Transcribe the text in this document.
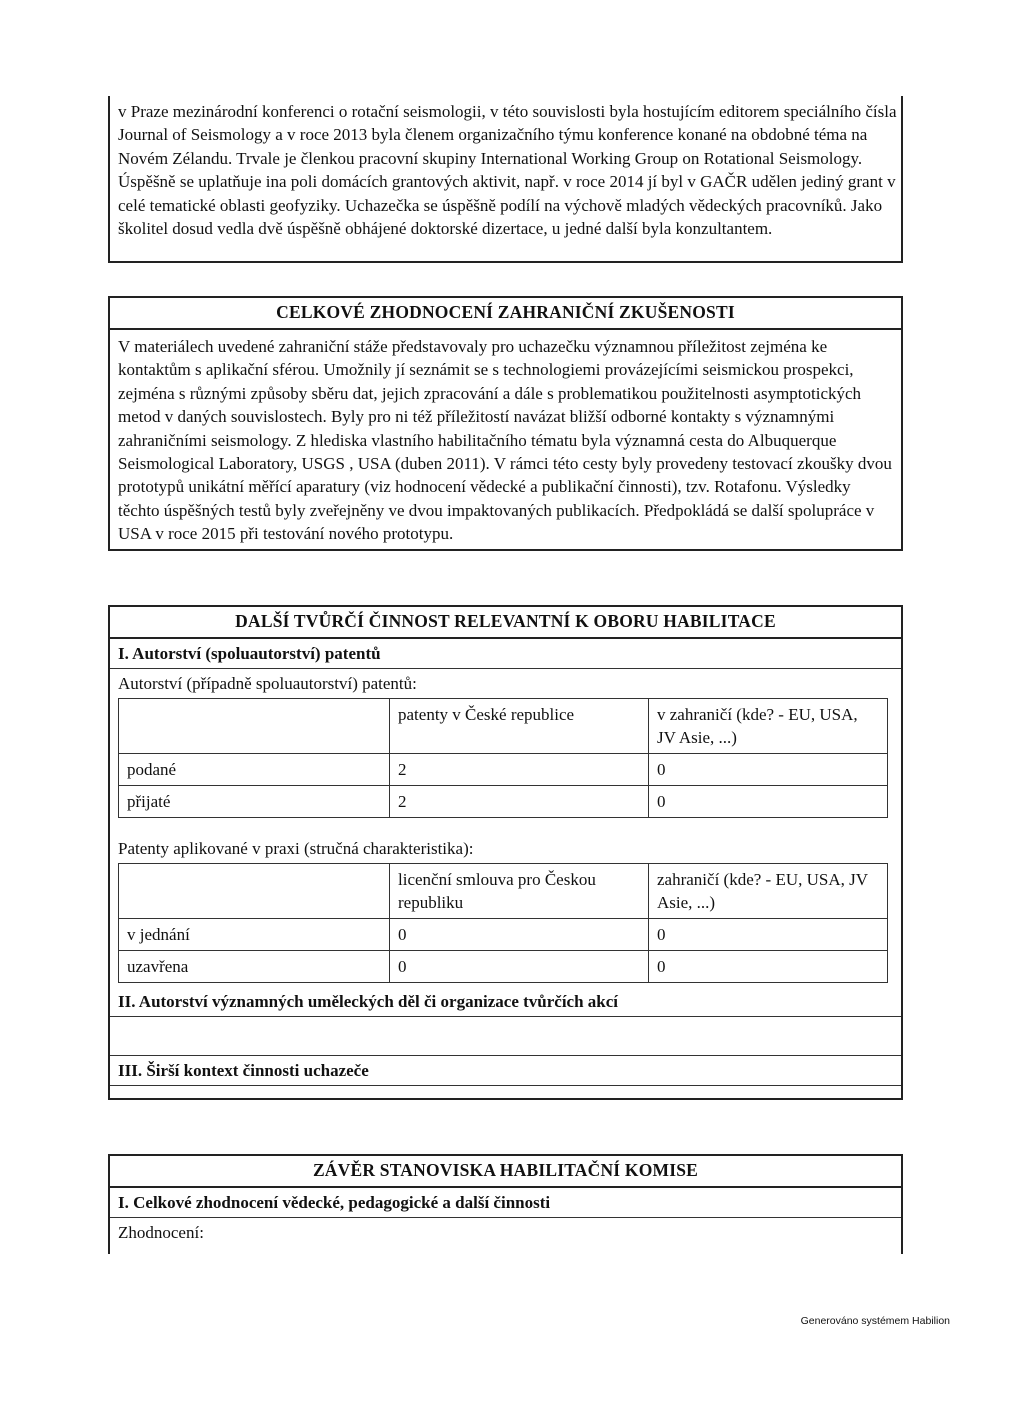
v Praze mezinárodní konferenci o rotační seismologii, v této souvislosti byla hostujícím editorem speciálního čísla Journal of Seismology a v roce 2013 byla členem organizačního týmu konference konané na obdobné téma na Novém Zélandu. Trvale je členkou pracovní skupiny International Working Group on Rotational Seismology. Úspěšně se uplatňuje ina poli domácích grantových aktivit, např. v roce 2014 jí byl v GAČR udělen jediný grant v celé tematické oblasti geofyziky. Uchazečka se úspěšně podílí na výchově mladých vědeckých pracovníků. Jako školitel dosud vedla dvě úspěšně obhájené doktorské dizertace, u jedné další byla konzultantem.

CELKOVÉ ZHODNOCENÍ ZAHRANIČNÍ ZKUŠENOSTI

V materiálech uvedené zahraniční stáže představovaly pro uchazečku významnou příležitost zejména ke kontaktům s aplikační sférou. Umožnily jí seznámit se s technologiemi provázejícími seismickou prospekci, zejména s různými způsoby sběru dat, jejich zpracování a dále s problematikou použitelnosti asymptotických metod v daných souvislostech. Byly pro ni též příležitostí navázat bližší odborné kontakty s významnými zahraničními seismology. Z hlediska vlastního habilitačního tématu byla významná cesta do Albuquerque Seismological Laboratory, USGS , USA (duben 2011). V rámci této cesty byly provedeny testovací zkoušky dvou prototypů unikátní měřící aparatury (viz hodnocení vědecké a publikační činnosti), tzv. Rotafonu. Výsledky těchto úspěšných testů byly zveřejněny ve dvou impaktovaných publikacích. Předpokládá se další spolupráce v USA v roce 2015 při testování nového prototypu.

DALŠÍ TVŮRČÍ ČINNOST RELEVANTNÍ K OBORU HABILITACE
I. Autorství (spoluautorství) patentů
Autorství (případně spoluautorství) patentů:
	patenty v České republice	v zahraničí (kde? - EU, USA, JV Asie, ...)
podané	2	0
přijaté	2	0
Patenty aplikované v praxi (stručná charakteristika):
	licenční smlouva pro Českou republiku	zahraničí (kde? - EU, USA, JV Asie, ...)
v jednání	0	0
uzavřena	0	0
II. Autorství významných uměleckých děl či organizace tvůrčích akcí
III. Širší kontext činnosti uchazeče
ZÁVĚR STANOVISKA HABILITAČNÍ KOMISE
I. Celkové zhodnocení vědecké, pedagogické a další činnosti
Zhodnocení:
Generováno systémem Habilion
